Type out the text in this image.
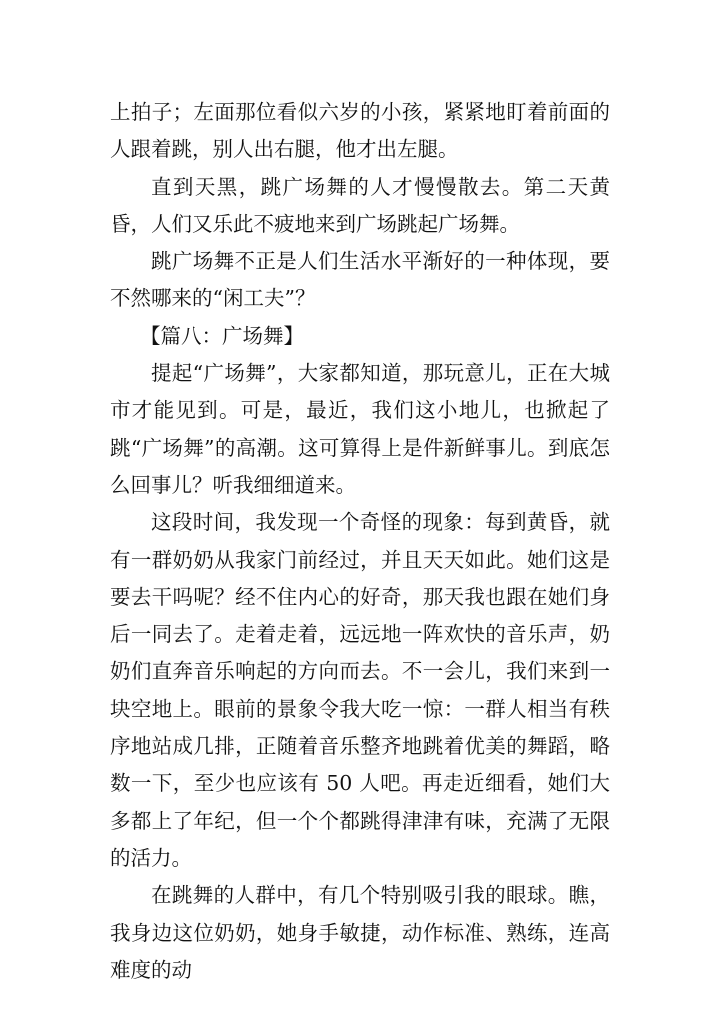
上拍子；左面那位看似六岁的小孩，紧紧地盯着前面的人跟着跳，别人出右腿，他才出左腿。

直到天黑，跳广场舞的人才慢慢散去。第二天黄昏，人们又乐此不疲地来到广场跳起广场舞。

跳广场舞不正是人们生活水平渐好的一种体现，要不然哪来的“闲工夫”？

【篇八：广场舞】

提起“广场舞”，大家都知道，那玩意儿，正在大城市才能见到。可是，最近，我们这小地儿，也掀起了跳“广场舞”的高潮。这可算得上是件新鲜事儿。到底怎么回事儿？听我细细道来。

这段时间，我发现一个奇怪的现象：每到黄昏，就有一群奶奶从我家门前经过，并且天天如此。她们这是要去干吗呢？经不住内心的好奇，那天我也跟在她们身后一同去了。走着走着，远远地一阵欢快的音乐声，奶奶们直奔音乐响起的方向而去。不一会儿，我们来到一块空地上。眼前的景象令我大吃一惊：一群人相当有秩序地站成几排，正随着音乐整齐地跳着优美的舞蹈，略数一下，至少也应该有 50 人吧。再走近细看，她们大多都上了年纪，但一个个都跳得津津有味，充满了无限的活力。

在跳舞的人群中，有几个特别吸引我的眼球。瞧，我身边这位奶奶，她身手敏捷，动作标准、熟练，连高难度的动
